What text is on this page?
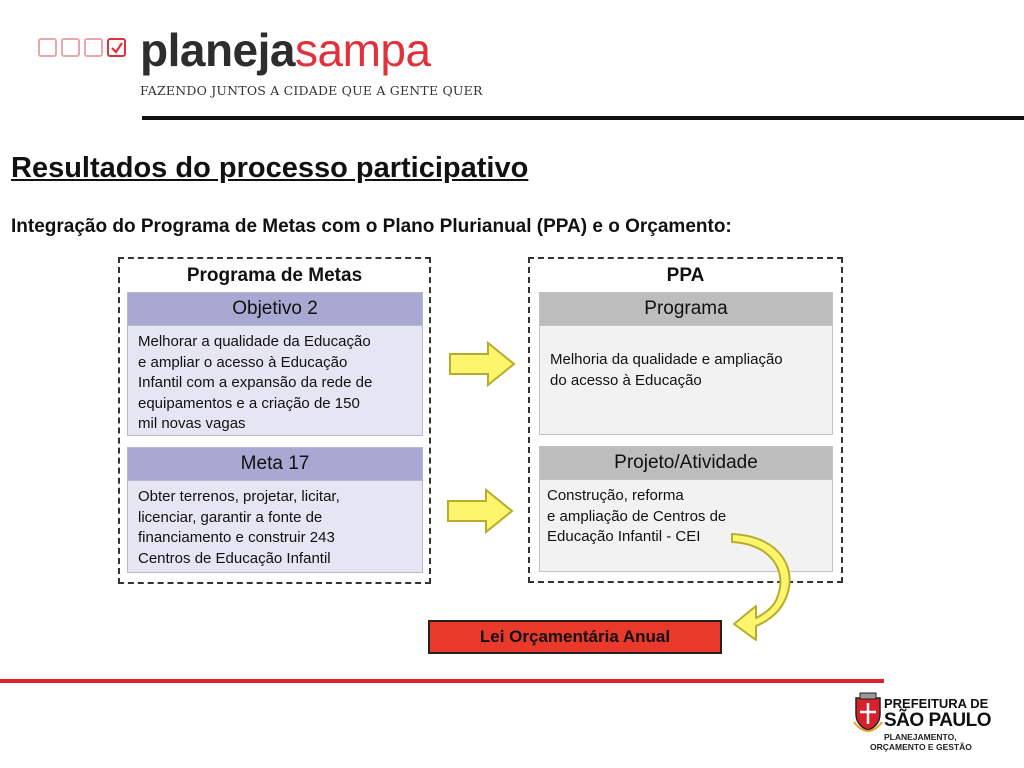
planejasampa
FAZENDO JUNTOS A CIDADE QUE A GENTE QUER
Resultados do processo participativo
Integração do Programa de Metas com o Plano Plurianual (PPA) e o Orçamento:
Programa de Metas
Objetivo 2
Melhorar a qualidade da Educação
e ampliar o acesso à Educação
Infantil com a expansão da rede de
equipamentos e a criação de 150
mil novas vagas
Meta 17
Obter terrenos, projetar, licitar,
licenciar, garantir a fonte de
financiamento e construir 243
Centros de Educação Infantil
PPA
Programa
Melhoria da qualidade e ampliação
do acesso à Educação
Projeto/Atividade
Construção, reforma
e ampliação de Centros de
Educação Infantil - CEI
Lei Orçamentária Anual
PREFEITURA DE
SÃO PAULO
PLANEJAMENTO,
ORÇAMENTO E GESTÃO
